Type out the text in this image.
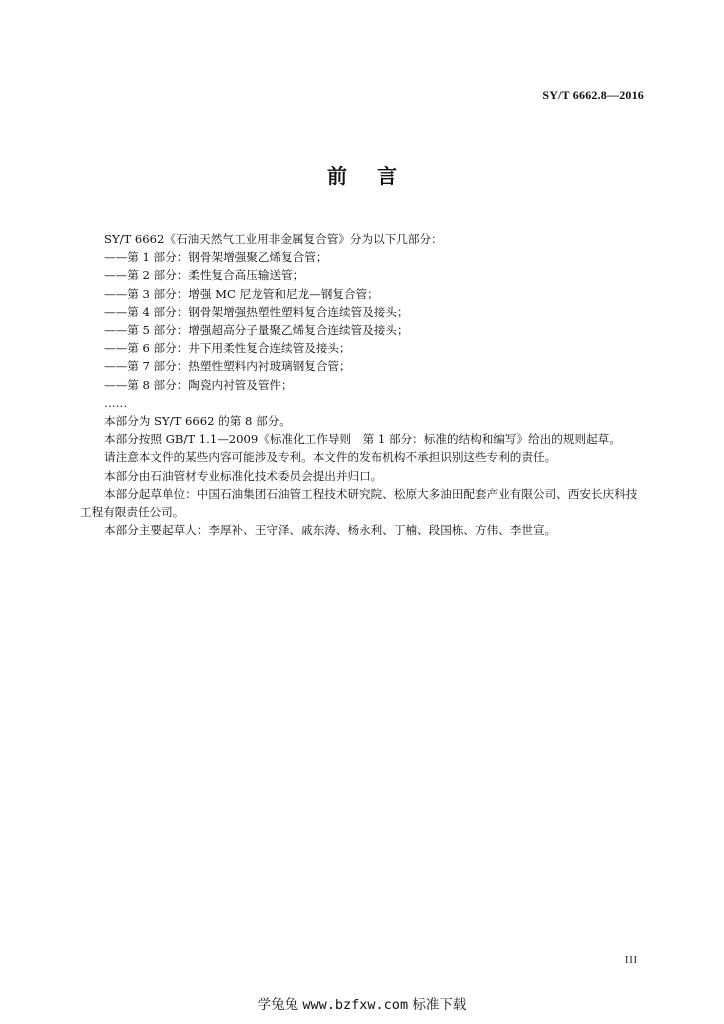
SY/T 6662.8—2016
前言

SY/T 6662《石油天然气工业用非金属复合管》分为以下几部分：

——第 1 部分：钢骨架增强聚乙烯复合管；

——第 2 部分：柔性复合高压输送管；

——第 3 部分：增强 MC 尼龙管和尼龙—钢复合管；

——第 4 部分：钢骨架增强热塑性塑料复合连续管及接头；

——第 5 部分：增强超高分子量聚乙烯复合连续管及接头；

——第 6 部分：井下用柔性复合连续管及接头；

——第 7 部分：热塑性塑料内衬玻璃钢复合管；

——第 8 部分：陶瓷内衬管及管件；

……

本部分为 SY/T 6662 的第 8 部分。

本部分按照 GB/T 1.1—2009《标准化工作导则　第 1 部分：标准的结构和编写》给出的规则起草。

请注意本文件的某些内容可能涉及专利。本文件的发布机构不承担识别这些专利的责任。

本部分由石油管材专业标准化技术委员会提出并归口。

本部分起草单位：中国石油集团石油管工程技术研究院、松原大多油田配套产业有限公司、西安长庆科技工程有限责任公司。

本部分主要起草人：李厚补、王守泽、戚东涛、杨永利、丁楠、段国栋、方伟、李世宣。

III
学兔兔 www.bzfxw.com 标准下载
